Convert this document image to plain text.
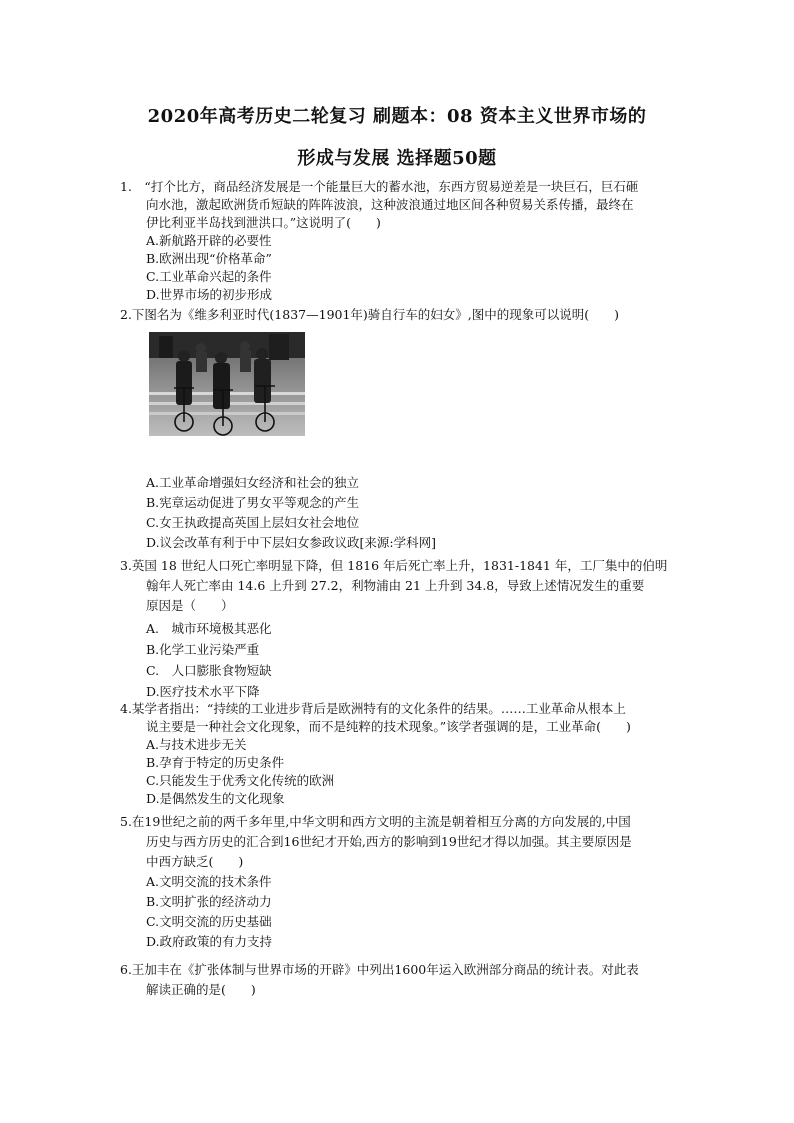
2020年高考历史二轮复习 刷题本：08 资本主义世界市场的
形成与发展 选择题50题
1.　“打个比方，商品经济发展是一个能量巨大的蓄水池，东西方贸易逆差是一块巨石，巨石砸
向水池，激起欧洲货币短缺的阵阵波浪，这种波浪通过地区间各种贸易关系传播，最终在
伊比利亚半岛找到泄洪口。”这说明了(　　)
A.新航路开辟的必要性
B.欧洲出现“价格革命”
C.工业革命兴起的条件
D.世界市场的初步形成
2.下图名为《维多利亚时代(1837—1901年)骑自行车的妇女》,图中的现象可以说明(　　)
A.工业革命增强妇女经济和社会的独立
B.宪章运动促进了男女平等观念的产生
C.女王执政提高英国上层妇女社会地位
D.议会改革有利于中下层妇女参政议政[来源:学科网]
3.英国 18 世纪人口死亡率明显下降，但 1816 年后死亡率上升，1831-1841 年，工厂集中的伯明
翰年人死亡率由 14.6 上升到 27.2，利物浦由 21 上升到 34.8，导致上述情况发生的重要
原因是（　　）
A.　城市环境极其恶化
B.化学工业污染严重
C.　人口膨胀食物短缺
D.医疗技术水平下降
4.某学者指出：“持续的工业进步背后是欧洲特有的文化条件的结果。……工业革命从根本上
说主要是一种社会文化现象，而不是纯粹的技术现象。”该学者强调的是，工业革命(　　)
A.与技术进步无关
B.孕育于特定的历史条件
C.只能发生于优秀文化传统的欧洲
D.是偶然发生的文化现象
5.在19世纪之前的两千多年里,中华文明和西方文明的主流是朝着相互分离的方向发展的,中国
历史与西方历史的汇合到16世纪才开始,西方的影响到19世纪才得以加强。其主要原因是
中西方缺乏(　　)
A.文明交流的技术条件
B.文明扩张的经济动力
C.文明交流的历史基础
D.政府政策的有力支持
6.王加丰在《扩张体制与世界市场的开辟》中列出1600年运入欧洲部分商品的统计表。对此表
解读正确的是(　　)
